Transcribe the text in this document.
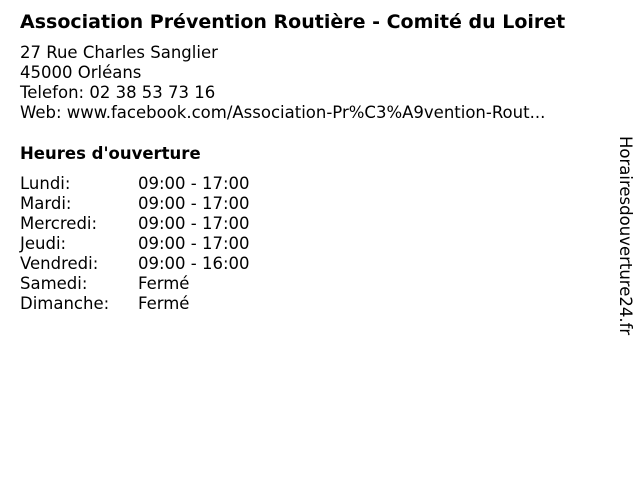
Association Prévention Routière - Comité du Loiret
27 Rue Charles Sanglier
45000 Orléans
Telefon: 02 38 53 73 16
Web: www.facebook.com/Association-Pr%C3%A9vention-Rout...
Heures d'ouverture
Lundi:	09:00 - 17:00
Mardi:	09:00 - 17:00
Mercredi:	09:00 - 17:00
Jeudi:	09:00 - 17:00
Vendredi:	09:00 - 16:00
Samedi:	Fermé
Dimanche:	Fermé	Horairesdouverture24.fr
